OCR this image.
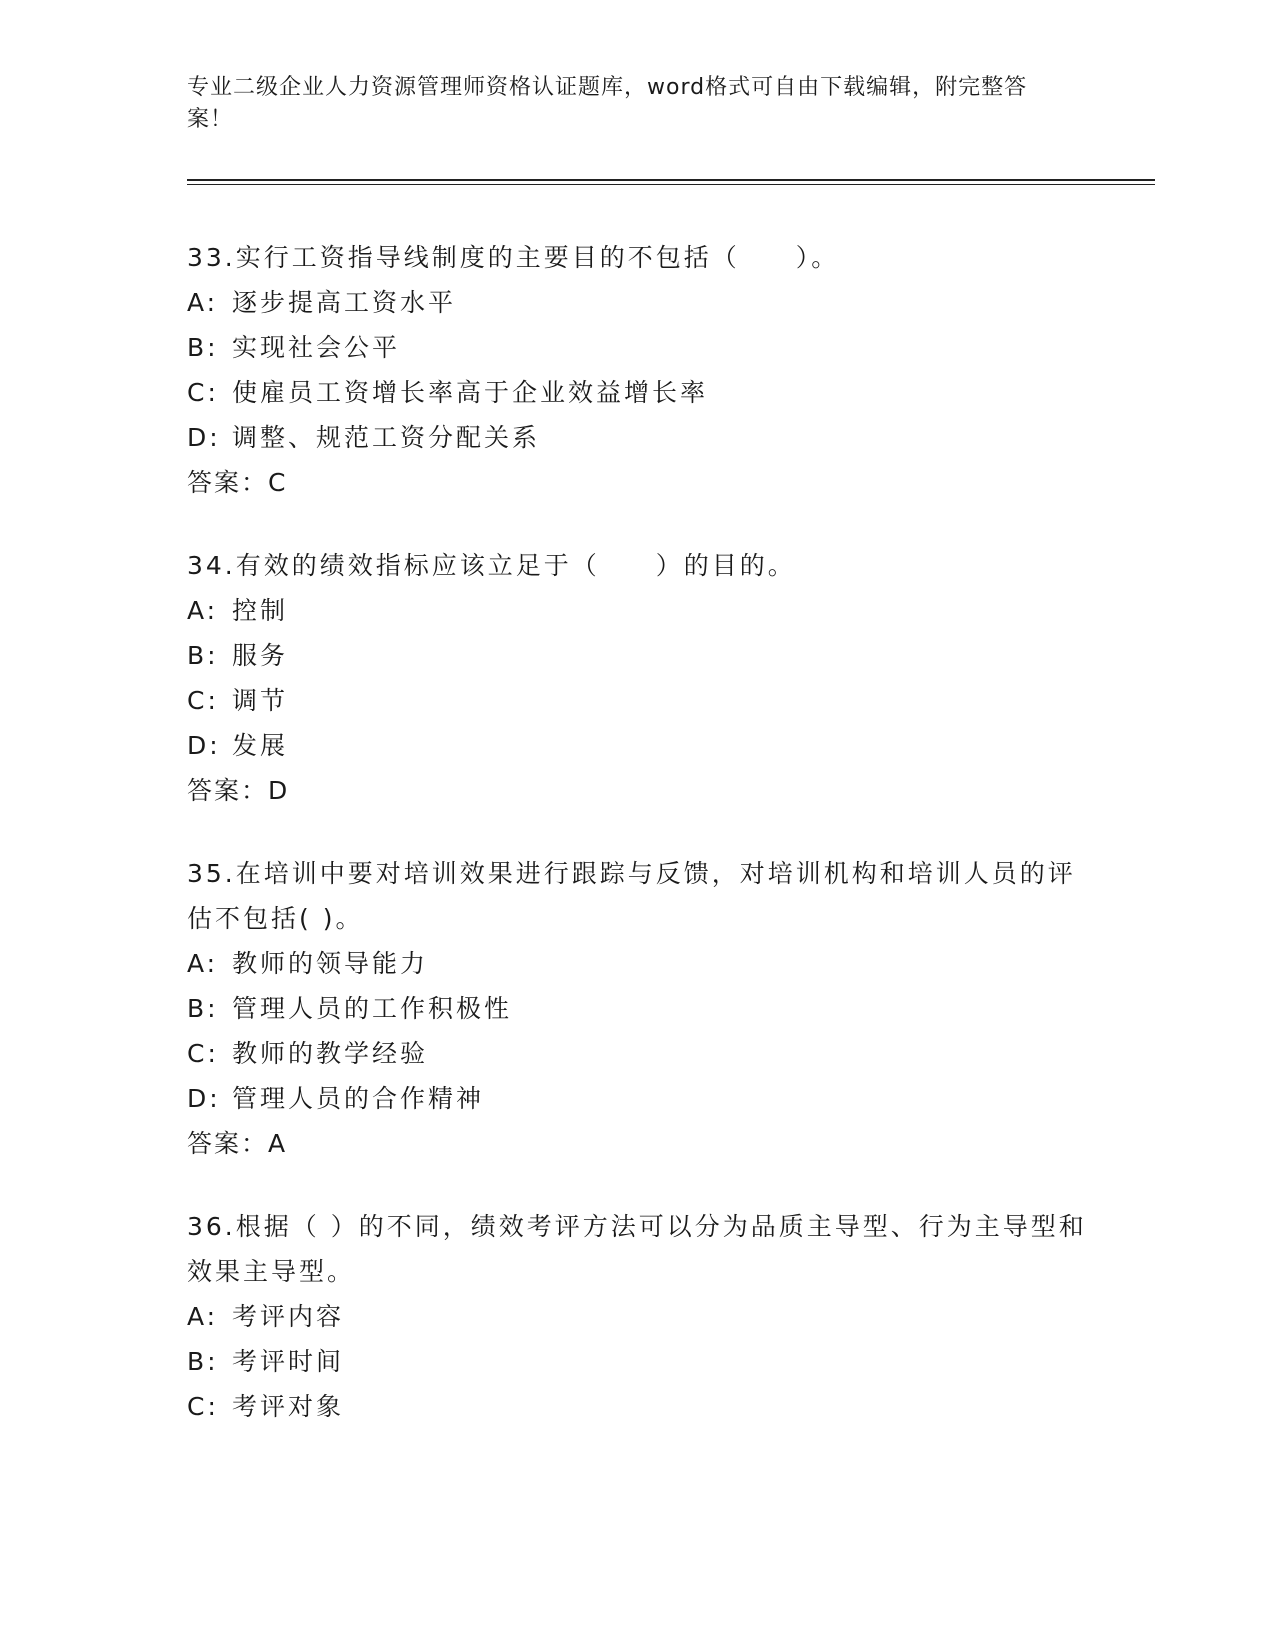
专业二级企业人力资源管理师资格认证题库，word格式可自由下载编辑，附完整答案！

33.实行工资指导线制度的主要目的不包括（　　）。

A: 逐步提高工资水平

B: 实现社会公平

C: 使雇员工资增长率高于企业效益增长率

D: 调整、规范工资分配关系

答案：C

34.有效的绩效指标应该立足于（　　）的目的。

A: 控制

B: 服务

C: 调节

D: 发展

答案：D

35.在培训中要对培训效果进行跟踪与反馈，对培训机构和培训人员的评估不包括( )。

A: 教师的领导能力

B: 管理人员的工作积极性

C: 教师的教学经验

D: 管理人员的合作精神

答案：A

36.根据（ ）的不同，绩效考评方法可以分为品质主导型、行为主导型和效果主导型。

A: 考评内容

B: 考评时间

C: 考评对象
